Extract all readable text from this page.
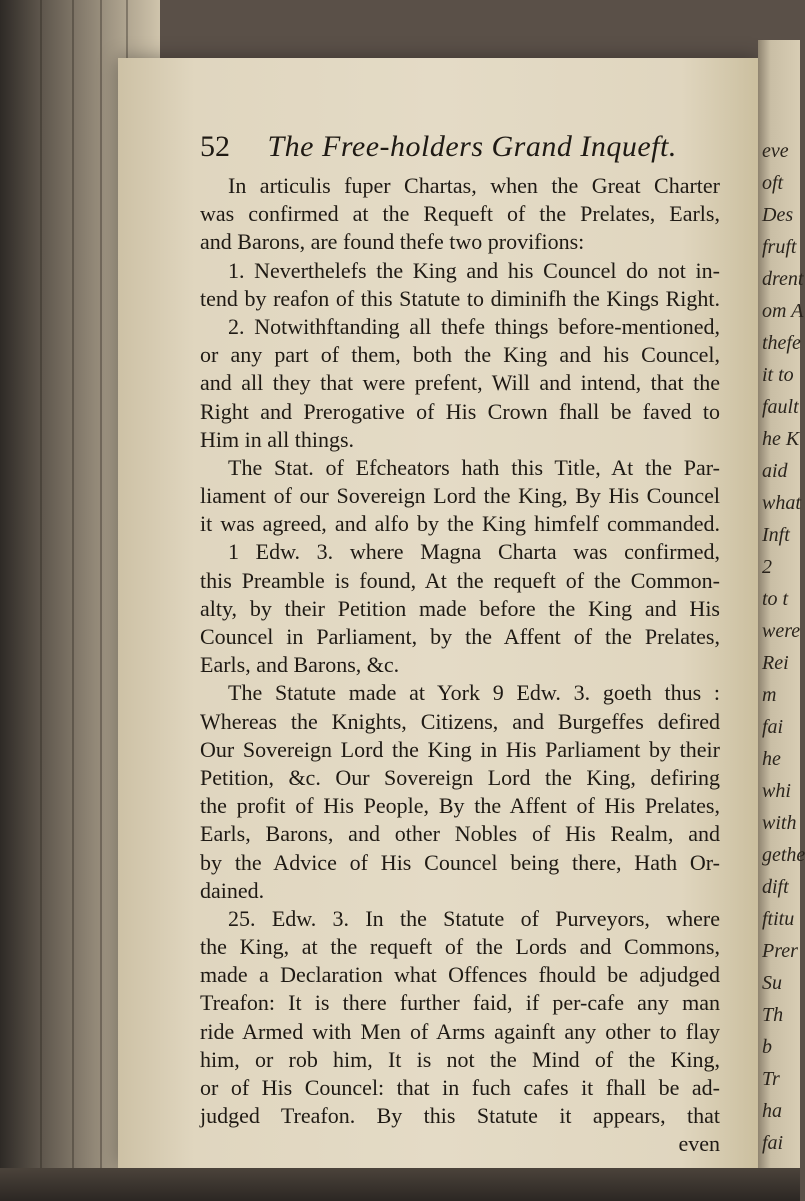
eve
oft
Des
fruft
drent
om A
thefe
it to
fault
he K
aid
what
Inft
2
to t
were
Rei
m
fai
he
whi
with
gethe
dift
ftitu
Prer
Su
Th
b
Tr
ha
fai
52 The Free-holders Grand Inqueft.
In articulis fuper Chartas, when the Great Charter
was confirmed at the Requeft of the Prelates, Earls,
and Barons, are found thefe two provifions:
1. Neverthelefs the King and his Councel do not in-
tend by reafon of this Statute to diminifh the Kings Right.
2. Notwithftanding all thefe things before-mentioned,
or any part of them, both the King and his Councel,
and all they that were prefent, Will and intend, that the
Right and Prerogative of His Crown fhall be faved to
Him in all things.
The Stat. of Efcheators hath this Title, At the Par-
liament of our Sovereign Lord the King, By His Councel
it was agreed, and alfo by the King himfelf commanded.
1 Edw. 3. where Magna Charta was confirmed,
this Preamble is found, At the requeft of the Common-
alty, by their Petition made before the King and His
Councel in Parliament, by the Affent of the Prelates,
Earls, and Barons, &c.
The Statute made at York 9 Edw. 3. goeth thus :
Whereas the Knights, Citizens, and Burgeffes defired
Our Sovereign Lord the King in His Parliament by their
Petition, &c. Our Sovereign Lord the King, defiring
the profit of His People, By the Affent of His Prelates,
Earls, Barons, and other Nobles of His Realm, and
by the Advice of His Councel being there, Hath Or-
dained.
25. Edw. 3. In the Statute of Purveyors, where
the King, at the requeft of the Lords and Commons,
made a Declaration what Offences fhould be adjudged
Treafon: It is there further faid, if per-cafe any man
ride Armed with Men of Arms againft any other to flay
him, or rob him, It is not the Mind of the King,
or of His Councel: that in fuch cafes it fhall be ad-
judged Treafon. By this Statute it appears, that
even
